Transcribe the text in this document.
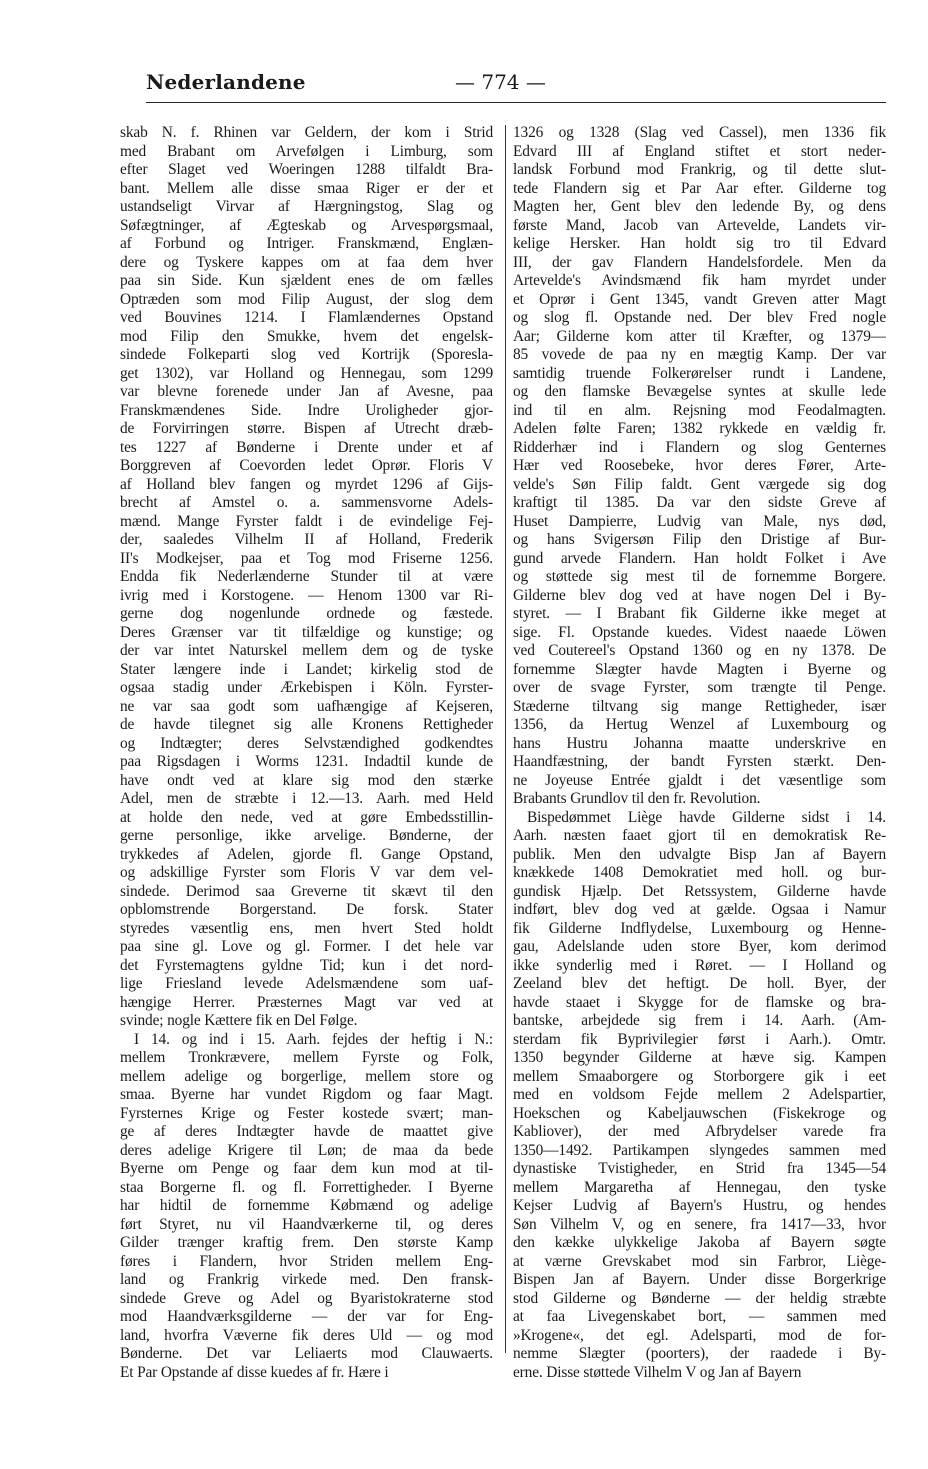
Nederlandene	— 774 —
skab N. f. Rhinen var Geldern, der kom i Strid
med Brabant om Arvefølgen i Limburg, som
efter Slaget ved Woeringen 1288 tilfaldt Bra-
bant. Mellem alle disse smaa Riger er der et
ustandseligt Virvar af Hærgningstog, Slag og
Søfægtninger, af Ægteskab og Arvespørgsmaal,
af Forbund og Intriger. Franskmænd, Englæn-
dere og Tyskere kappes om at faa dem hver
paa sin Side. Kun sjældent enes de om fælles
Optræden som mod Filip August, der slog dem
ved Bouvines 1214. I Flamlændernes Opstand
mod Filip den Smukke, hvem det engelsk-
sindede Folkeparti slog ved Kortrijk (Sporesla-
get 1302), var Holland og Hennegau, som 1299
var blevne forenede under Jan af Avesne, paa
Franskmændenes Side. Indre Uroligheder gjor-
de Forvirringen større. Bispen af Utrecht dræb-
tes 1227 af Bønderne i Drente under et af
Borggreven af Coevorden ledet Oprør. Floris V
af Holland blev fangen og myrdet 1296 af Gijs-
brecht af Amstel o. a. sammensvorne Adels-
mænd. Mange Fyrster faldt i de evindelige Fej-
der, saaledes Vilhelm II af Holland, Frederik
II's Modkejser, paa et Tog mod Friserne 1256.
Endda fik Nederlænderne Stunder til at være
ivrig med i Korstogene. — Henom 1300 var Ri-
gerne dog nogenlunde ordnede og fæstede.
Deres Grænser var tit tilfældige og kunstige; og
der var intet Naturskel mellem dem og de tyske
Stater længere inde i Landet; kirkelig stod de
ogsaa stadig under Ærkebispen i Köln. Fyrster-
ne var saa godt som uafhængige af Kejseren,
de havde tilegnet sig alle Kronens Rettigheder
og Indtægter; deres Selvstændighed godkendtes
paa Rigsdagen i Worms 1231. Indadtil kunde de
have ondt ved at klare sig mod den stærke
Adel, men de stræbte i 12.—13. Aarh. med Held
at holde den nede, ved at gøre Embedsstillin-
gerne personlige, ikke arvelige. Bønderne, der
trykkedes af Adelen, gjorde fl. Gange Opstand,
og adskillige Fyrster som Floris V var dem vel-
sindede. Derimod saa Greverne tit skævt til den
opblomstrende Borgerstand. De forsk. Stater
styredes væsentlig ens, men hvert Sted holdt
paa sine gl. Love og gl. Former. I det hele var
det Fyrstemagtens gyldne Tid; kun i det nord-
lige Friesland levede Adelsmændene som uaf-
hængige Herrer. Præsternes Magt var ved at
svinde; nogle Kættere fik en Del Følge.
I 14. og ind i 15. Aarh. fejdes der heftig i N.:
mellem Tronkrævere, mellem Fyrste og Folk,
mellem adelige og borgerlige, mellem store og
smaa. Byerne har vundet Rigdom og faar Magt.
Fyrsternes Krige og Fester kostede svært; man-
ge af deres Indtægter havde de maattet give
deres adelige Krigere til Løn; de maa da bede
Byerne om Penge og faar dem kun mod at til-
staa Borgerne fl. og fl. Forrettigheder. I Byerne
har hidtil de fornemme Købmænd og adelige
ført Styret, nu vil Haandværkerne til, og deres
Gilder trænger kraftig frem. Den største Kamp
føres i Flandern, hvor Striden mellem Eng-
land og Frankrig virkede med. Den fransk-
sindede Greve og Adel og Byaristokraterne stod
mod Haandværksgilderne — der var for Eng-
land, hvorfra Væverne fik deres Uld — og mod
Bønderne. Det var Leliaerts mod Clauwaerts.
Et Par Opstande af disse kuedes af fr. Hære i
1326 og 1328 (Slag ved Cassel), men 1336 fik
Edvard III af England stiftet et stort neder-
landsk Forbund mod Frankrig, og til dette slut-
tede Flandern sig et Par Aar efter. Gilderne tog
Magten her, Gent blev den ledende By, og dens
første Mand, Jacob van Artevelde, Landets vir-
kelige Hersker. Han holdt sig tro til Edvard
III, der gav Flandern Handelsfordele. Men da
Artevelde's Avindsmænd fik ham myrdet under
et Oprør i Gent 1345, vandt Greven atter Magt
og slog fl. Opstande ned. Der blev Fred nogle
Aar; Gilderne kom atter til Kræfter, og 1379—
85 vovede de paa ny en mægtig Kamp. Der var
samtidig truende Folkerørelser rundt i Landene,
og den flamske Bevægelse syntes at skulle lede
ind til en alm. Rejsning mod Feodalmagten.
Adelen følte Faren; 1382 rykkede en vældig fr.
Ridderhær ind i Flandern og slog Genternes
Hær ved Roosebeke, hvor deres Fører, Arte-
velde's Søn Filip faldt. Gent værgede sig dog
kraftigt til 1385. Da var den sidste Greve af
Huset Dampierre, Ludvig van Male, nys død,
og hans Svigersøn Filip den Dristige af Bur-
gund arvede Flandern. Han holdt Folket i Ave
og støttede sig mest til de fornemme Borgere.
Gilderne blev dog ved at have nogen Del i By-
styret. — I Brabant fik Gilderne ikke meget at
sige. Fl. Opstande kuedes. Videst naaede Löwen
ved Coutereel's Opstand 1360 og en ny 1378. De
fornemme Slægter havde Magten i Byerne og
over de svage Fyrster, som trængte til Penge.
Stæderne tiltvang sig mange Rettigheder, især
1356, da Hertug Wenzel af Luxembourg og
hans Hustru Johanna maatte underskrive en
Haandfæstning, der bandt Fyrsten stærkt. Den-
ne Joyeuse Entrée gjaldt i det væsentlige som
Brabants Grundlov til den fr. Revolution.
Bispedømmet Liège havde Gilderne sidst i 14.
Aarh. næsten faaet gjort til en demokratisk Re-
publik. Men den udvalgte Bisp Jan af Bayern
knækkede 1408 Demokratiet med holl. og bur-
gundisk Hjælp. Det Retssystem, Gilderne havde
indført, blev dog ved at gælde. Ogsaa i Namur
fik Gilderne Indflydelse, Luxembourg og Henne-
gau, Adelslande uden store Byer, kom derimod
ikke synderlig med i Røret. — I Holland og
Zeeland blev det heftigt. De holl. Byer, der
havde staaet i Skygge for de flamske og bra-
bantske, arbejdede sig frem i 14. Aarh. (Am-
sterdam fik Byprivilegier først i Aarh.). Omtr.
1350 begynder Gilderne at hæve sig. Kampen
mellem Smaaborgere og Storborgere gik i eet
med en voldsom Fejde mellem 2 Adelspartier,
Hoekschen og Kabeljauwschen (Fiskekroge og
Kabliover), der med Afbrydelser varede fra
1350—1492. Partikampen slyngedes sammen med
dynastiske Tvistigheder, en Strid fra 1345—54
mellem Margaretha af Hennegau, den tyske
Kejser Ludvig af Bayern's Hustru, og hendes
Søn Vilhelm V, og en senere, fra 1417—33, hvor
den kække ulykkelige Jakoba af Bayern søgte
at værne Grevskabet mod sin Farbror, Liège-
Bispen Jan af Bayern. Under disse Borgerkrige
stod Gilderne og Bønderne — der heldig stræbte
at faa Livegenskabet bort, — sammen med
»Krogene«, det egl. Adelsparti, mod de for-
nemme Slægter (poorters), der raadede i By-
erne. Disse støttede Vilhelm V og Jan af Bayern
